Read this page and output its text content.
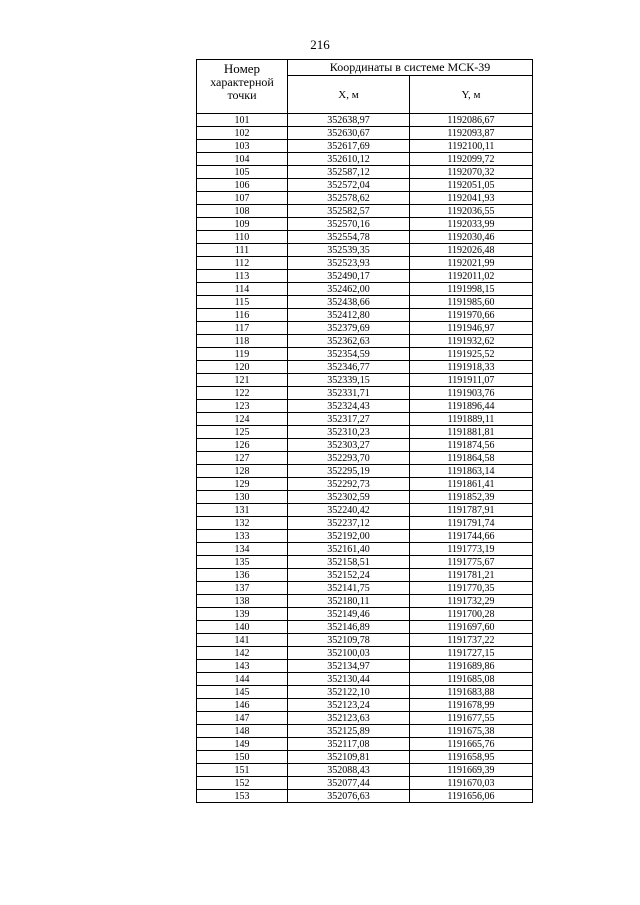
216
Номер
характерной точки	Координаты в системе МСК-39	
	X, м	Y, м
101	352638,97	1192086,67
102	352630,67	1192093,87
103	352617,69	1192100,11
104	352610,12	1192099,72
105	352587,12	1192070,32
106	352572,04	1192051,05
107	352578,62	1192041,93
108	352582,57	1192036,55
109	352570,16	1192033,99
110	352554,78	1192030,46
111	352539,35	1192026,48
112	352523,93	1192021,99
113	352490,17	1192011,02
114	352462,00	1191998,15
115	352438,66	1191985,60
116	352412,80	1191970,66
117	352379,69	1191946,97
118	352362,63	1191932,62
119	352354,59	1191925,52
120	352346,77	1191918,33
121	352339,15	1191911,07
122	352331,71	1191903,76
123	352324,43	1191896,44
124	352317,27	1191889,11
125	352310,23	1191881,81
126	352303,27	1191874,56
127	352293,70	1191864,58
128	352295,19	1191863,14
129	352292,73	1191861,41
130	352302,59	1191852,39
131	352240,42	1191787,91
132	352237,12	1191791,74
133	352192,00	1191744,66
134	352161,40	1191773,19
135	352158,51	1191775,67
136	352152,24	1191781,21
137	352141,75	1191770,35
138	352180,11	1191732,29
139	352149,46	1191700,28
140	352146,89	1191697,60
141	352109,78	1191737,22
142	352100,03	1191727,15
143	352134,97	1191689,86
144	352130,44	1191685,08
145	352122,10	1191683,88
146	352123,24	1191678,99
147	352123,63	1191677,55
148	352125,89	1191675,38
149	352117,08	1191665,76
150	352109,81	1191658,95
151	352088,43	1191669,39
152	352077,44	1191670,03
153	352076,63	1191656,06
